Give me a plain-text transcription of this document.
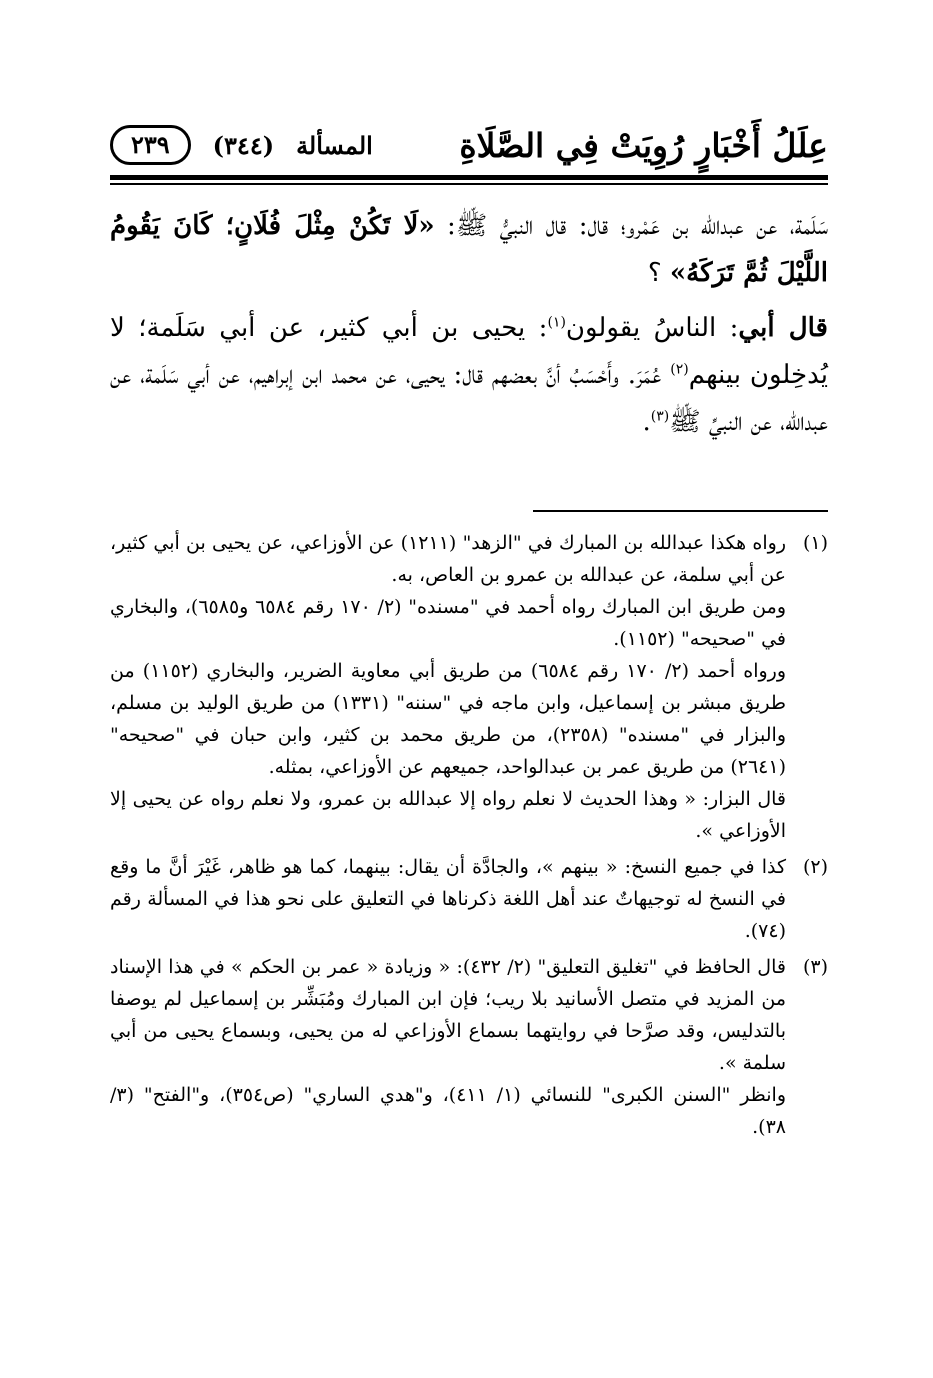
عِلَلُ أَخْبَارٍ رُوِيَتْ فِي الصَّلَاةِ
المسألة
(٣٤٤)
٢٣٩

سَلَمة، عن عبدالله بن عَمْرو؛ قال: قال النبيُّ ﷺ: «لَا تَكُنْ مِثْلَ فُلَانٍ؛ كَانَ يَقُومُ اللَّيْلَ ثُمَّ تَرَكَهُ» ؟

قال أبي: الناسُ يقولون$^{(١)}$: يحيى بن أبي كثير، عن أبي سَلَمة؛ لا يُدخِلون بينهم$^{(٢)}$ عُمَرَ. وأَحْسَبُ أنَّ بعضهم قال: يحيى، عن محمد ابن إبراهيم، عن أبي سَلَمة، عن عبدالله، عن النبيِّ ﷺ$^{(٣)}$.

(١)

رواه هكذا عبدالله بن المبارك في "الزهد" (١٢١١) عن الأوزاعي، عن يحيى بن أبي كثير، عن أبي سلمة، عن عبدالله بن عمرو بن العاص، به.

ومن طريق ابن المبارك رواه أحمد في "مسنده" (٢/ ١٧٠ رقم ٦٥٨٤ و٦٥٨٥)، والبخاري في "صحيحه" (١١٥٢).

ورواه أحمد (٢/ ١٧٠ رقم ٦٥٨٤) من طريق أبي معاوية الضرير، والبخاري (١١٥٢) من طريق مبشر بن إسماعيل، وابن ماجه في "سننه" (١٣٣١) من طريق الوليد بن مسلم، والبزار في "مسنده" (٢٣٥٨)، من طريق محمد بن كثير، وابن حبان في "صحيحه" (٢٦٤١) من طريق عمر بن عبدالواحد، جميعهم عن الأوزاعي، بمثله.

قال البزار: « وهذا الحديث لا نعلم رواه إلا عبدالله بن عمرو، ولا نعلم رواه عن يحيى إلا الأوزاعي ».

(٢)

كذا في جميع النسخ: « بينهم »، والجادَّة أن يقال: بينهما، كما هو ظاهر، غَيْرَ أنَّ ما وقع في النسخ له توجيهاتٌ عند أهل اللغة ذكرناها في التعليق على نحو هذا في المسألة رقم (٧٤).

(٣)

قال الحافظ في "تغليق التعليق" (٢/ ٤٣٢): « وزيادة « عمر بن الحكم » في هذا الإسناد من المزيد في متصل الأسانيد بلا ريب؛ فإن ابن المبارك ومُبَشِّر بن إسماعيل لم يوصفا بالتدليس، وقد صرَّحا في روايتهما بسماع الأوزاعي له من يحيى، وبسماع يحيى من أبي سلمة ».

وانظر "السنن الكبرى" للنسائي (١/ ٤١١)، و"هدي الساري" (ص٣٥٤)، و"الفتح" (٣/ ٣٨).
